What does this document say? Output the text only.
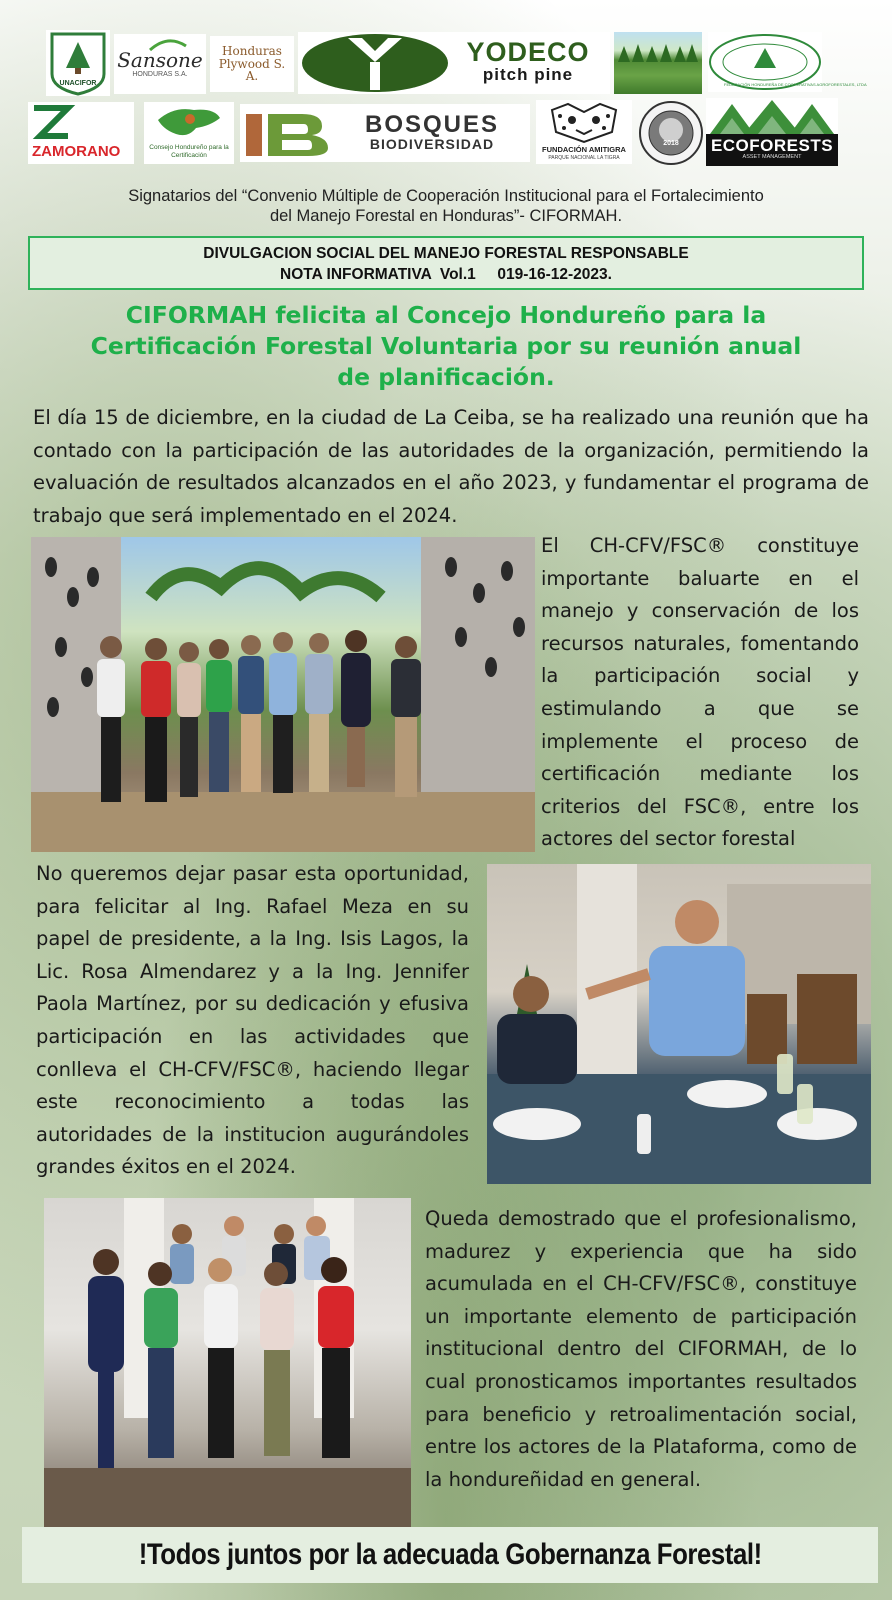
UNACIFOR
Sansone
HONDURAS S.A.
Honduras Plywood S. A.
YODECO
pitch pine
FEDERACIÓN HONDUREÑA DE COOPERATIVAS AGROFORESTALES, LTDA
ZAMORANO	Consejo Hondureño para la Certificación
BOSQUES
BIODIVERSIDAD	FUNDACIÓN AMITIGRA
PARQUE NACIONAL LA TIGRA
2018	ECOFORESTS
ASSET MANAGEMENT
Signatarios del “Convenio Múltiple de Cooperación Institucional para el Fortalecimiento
del Manejo Forestal en Honduras”- CIFORMAH.
DIVULGACION SOCIAL DEL MANEJO FORESTAL RESPONSABLE
NOTA INFORMATIVA  Vol.1     019-16-12-2023.
CIFORMAH felicita al Concejo Hondureño para la
Certificación Forestal Voluntaria por su reunión anual
de planificación.
El día 15 de diciembre, en la ciudad de La Ceiba, se ha realizado una reunión que ha contado con la participación de las autoridades de la organización, permitiendo la evaluación de resultados alcanzados en el año 2023, y fundamentar el programa de trabajo que será implementado en el 2024.
El CH-CFV/FSC® constituye importante baluarte en el manejo y conservación de los recursos naturales, fomentando la participación social y estimulando a que se implemente el proceso de certificación mediante los criterios del FSC®, entre los actores del sector forestal
No queremos dejar pasar esta oportunidad, para felicitar al Ing. Rafael Meza en su papel de presidente, a la Ing. Isis Lagos, la Lic. Rosa Almendarez y a la Ing. Jennifer Paola Martínez, por su dedicación y efusiva participación en las actividades que conlleva el CH-CFV/FSC®, haciendo llegar este reconocimiento a todas las autoridades de la institucion augurándoles grandes éxitos en el 2024.
Queda demostrado que el profesionalismo, madurez y experiencia que ha sido acumulada en el CH-CFV/FSC®, constituye un importante elemento de participación institucional dentro del CIFORMAH, de lo cual pronosticamos importantes resultados para beneficio y retroalimentación social, entre los actores de la Plataforma, como de la hondureñidad en general.
!Todos juntos por la adecuada Gobernanza Forestal!
